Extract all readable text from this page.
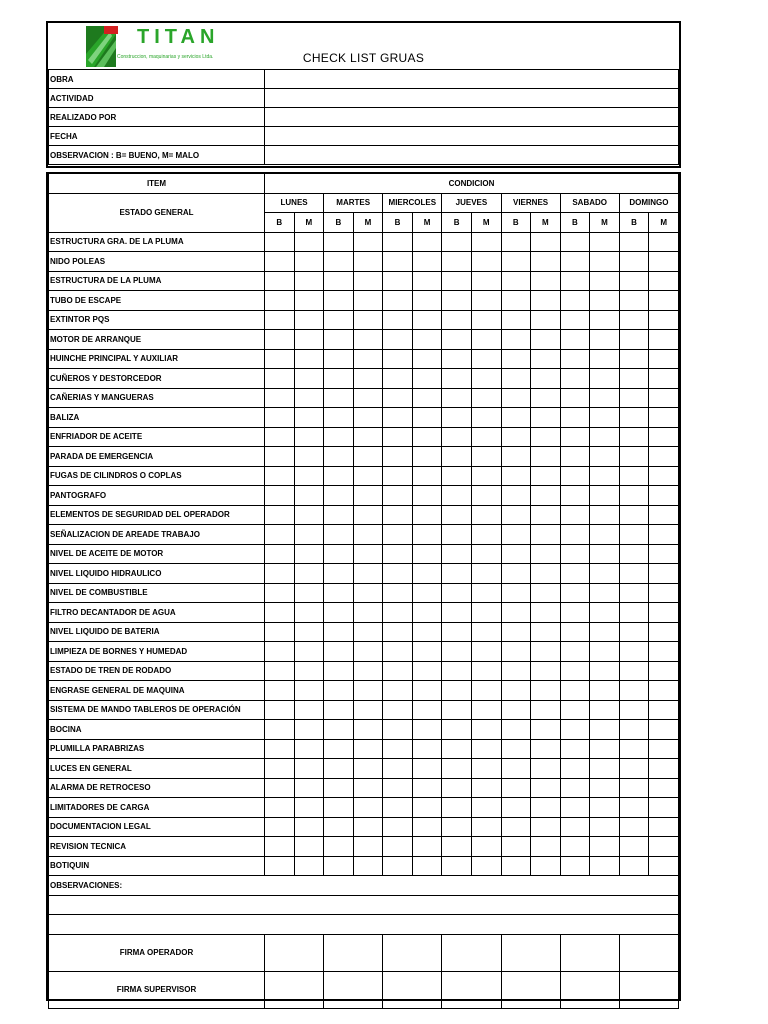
TITAN
Construccion, maquinarias y servicios Ltda.	CHECK LIST GRUAS
OBRA	
ACTIVIDAD	
REALIZADO POR	
FECHA	
OBSERVACION : B= BUENO, M= MALO	
ITEM	CONDICION													
ESTADO GENERAL	LUNES		MARTES		MIERCOLES		JUEVES		VIERNES		SABADO		DOMINGO	
	B	M	B	M	B	M	B	M	B	M	B	M	B	M
ESTRUCTURA GRA. DE LA PLUMA														
NIDO POLEAS														
ESTRUCTURA DE LA PLUMA														
TUBO DE ESCAPE														
EXTINTOR PQS														
MOTOR DE ARRANQUE														
HUINCHE PRINCIPAL Y AUXILIAR														
CUÑEROS Y DESTORCEDOR														
CAÑERIAS Y MANGUERAS														
BALIZA														
ENFRIADOR DE ACEITE														
PARADA DE EMERGENCIA														
FUGAS DE CILINDROS O COPLAS														
PANTOGRAFO														
ELEMENTOS DE SEGURIDAD DEL OPERADOR														
SEÑALIZACION DE AREADE TRABAJO														
NIVEL DE ACEITE DE MOTOR														
NIVEL LIQUIDO HIDRAULICO														
NIVEL DE COMBUSTIBLE														
FILTRO DECANTADOR DE AGUA														
NIVEL LIQUIDO DE BATERIA														
LIMPIEZA DE BORNES Y HUMEDAD														
ESTADO DE TREN DE RODADO														
ENGRASE GENERAL DE MAQUINA														
SISTEMA DE MANDO TABLEROS DE OPERACIÓN														
BOCINA														
PLUMILLA PARABRIZAS														
LUCES EN GENERAL														
ALARMA DE RETROCESO														
LIMITADORES DE CARGA														
DOCUMENTACION LEGAL														
REVISION TECNICA														
BOTIQUIN														
OBSERVACIONES:														

FIRMA OPERADOR														
FIRMA SUPERVISOR														
